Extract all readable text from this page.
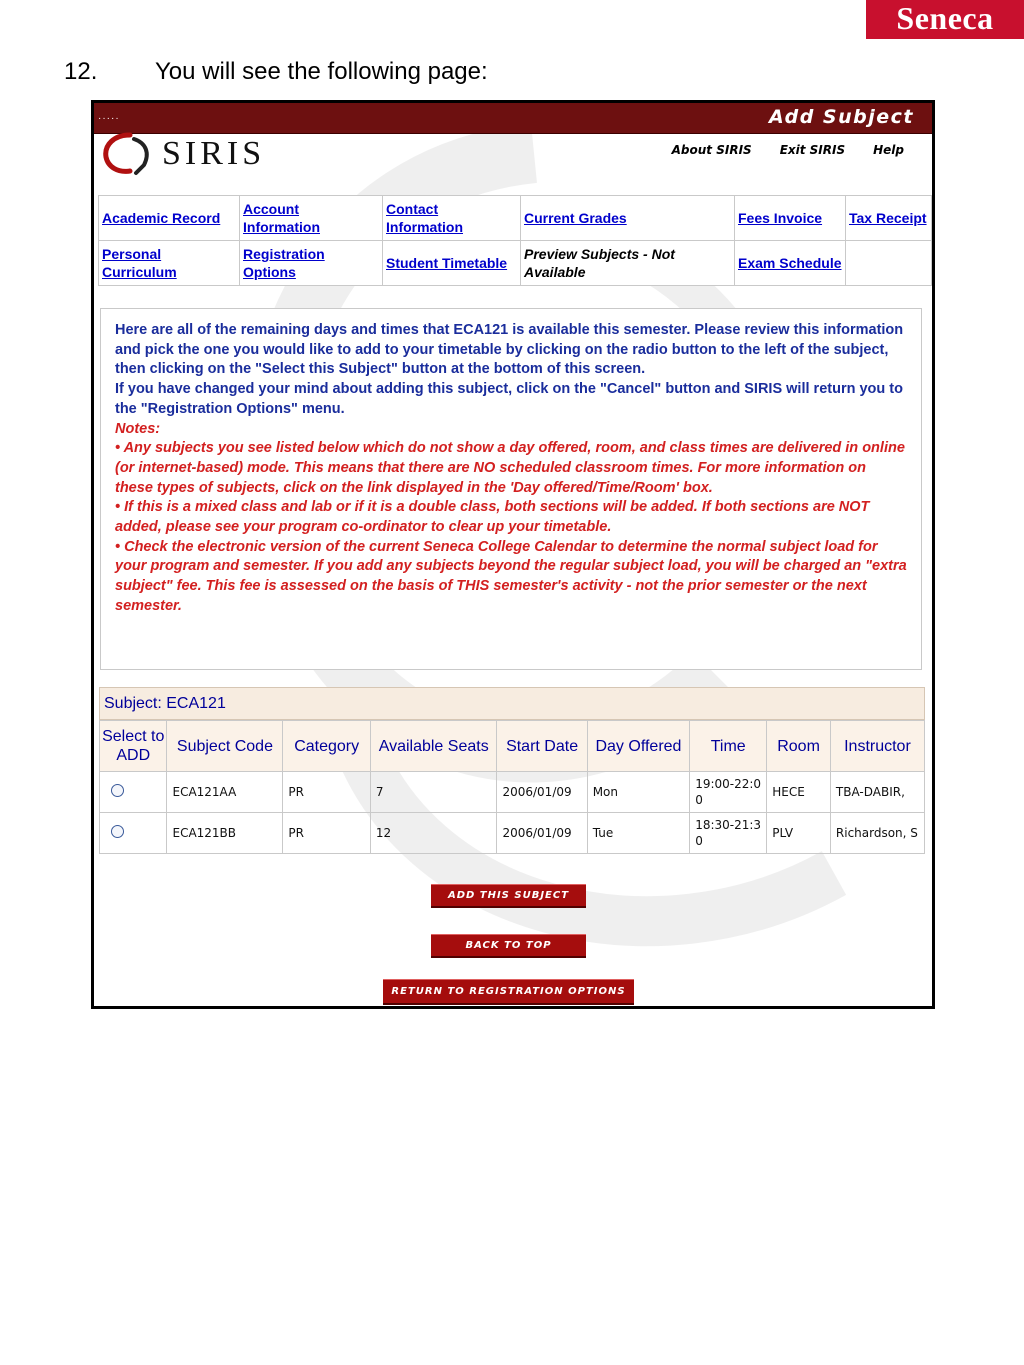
Seneca
12. You will see the following page:
·····	Add Subject
SIRIS	About SIRIS Exit SIRIS Help
Academic Record	Account Information	Contact Information	Current Grades	Fees Invoice	Tax Receipt
Personal Curriculum	Registration Options	Student Timetable	Preview Subjects - Not Available	Exam Schedule	
Here are all of the remaining days and times that ECA121 is available this semester. Please review this information and pick the one you would like to add to your timetable by clicking on the radio button to the left of the subject, then clicking on the "Select this Subject" button at the bottom of this screen.
If you have changed your mind about adding this subject, click on the "Cancel" button and SIRIS will return you to the "Registration Options" menu.
Notes:
• Any subjects you see listed below which do not show a day offered, room, and class times are delivered in online (or internet-based) mode. This means that there are NO scheduled classroom times. For more information on these types of subjects, click on the link displayed in the 'Day offered/Time/Room' box.
• If this is a mixed class and lab or if it is a double class, both sections will be added. If both sections are NOT added, please see your program co-ordinator to clear up your timetable.
• Check the electronic version of the current Seneca College Calendar to determine the normal subject load for your program and semester. If you add any subjects beyond the regular subject load, you will be charged an "extra subject" fee. This fee is assessed on the basis of THIS semester's activity - not the prior semester or the next semester.
Subject: ECA121
Select to ADD	Subject Code	Category	Available Seats	Start Date	Day Offered	Time	Room	Instructor
	ECA121AA	PR	7	2006/01/09	Mon	19:00-22:00	HECE	TBA-DABIR,
	ECA121BB	PR	12	2006/01/09	Tue	18:30-21:30	PLV	Richardson, S
ADD THIS SUBJECT
BACK TO TOP
RETURN TO REGISTRATION OPTIONS
